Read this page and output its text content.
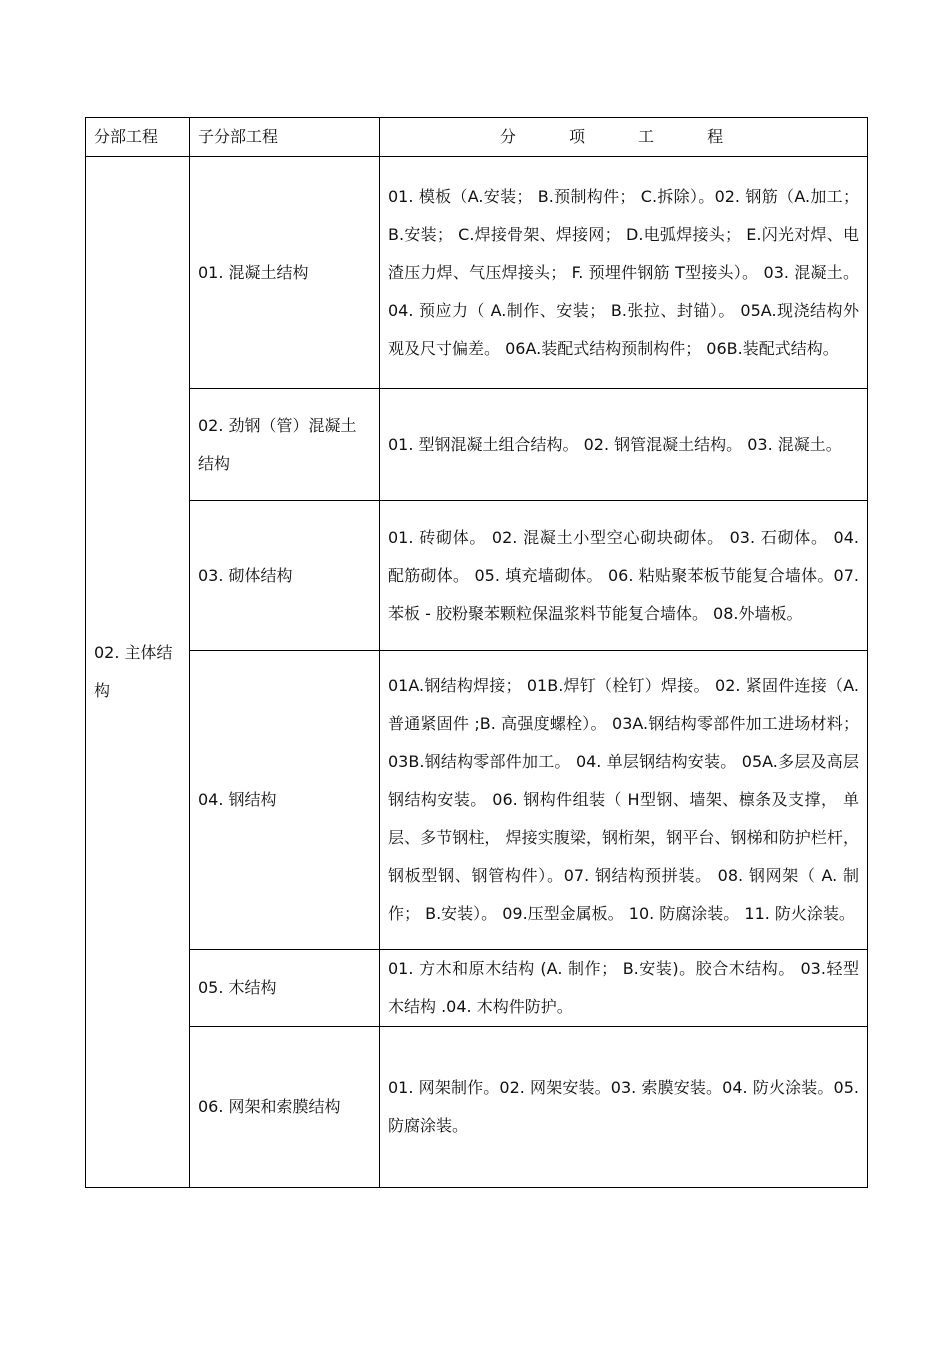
分部工程	子分部工程	分 项 工 程
02. 主体结构	01. 混凝土结构	01. 模板（A.安装； B.预制构件； C.拆除）。02. 钢筋（A.加工； B.安装； C.焊接骨架、焊接网； D.电弧焊接头； E.闪光对焊、电渣压力焊、气压焊接头； F. 预埋件钢筋 T型接头）。 03. 混凝土。 04. 预应力（ A.制作、安装； B.张拉、封锚）。 05A.现浇结构外观及尺寸偏差。 06A.装配式结构预制构件； 06B.装配式结构。
	02. 劲钢（管）混凝土结构	01. 型钢混凝土组合结构。 02. 钢管混凝土结构。 03. 混凝土。
	03. 砌体结构	01. 砖砌体。 02. 混凝土小型空心砌块砌体。 03. 石砌体。 04. 配筋砌体。 05. 填充墙砌体。 06. 粘贴聚苯板节能复合墙体。07. 苯板 - 胶粉聚苯颗粒保温浆料节能复合墙体。 08.外墙板。
	04. 钢结构	01A.钢结构焊接； 01B.焊钉（栓钉）焊接。 02. 紧固件连接（A.普通紧固件 ;B. 高强度螺栓）。 03A.钢结构零部件加工进场材料； 03B.钢结构零部件加工。 04. 单层钢结构安装。 05A.多层及高层钢结构安装。 06. 钢构件组装（ H型钢、墙架、檩条及支撑， 单层、多节钢柱， 焊接实腹梁，钢桁架，钢平台、钢梯和防护栏杆， 钢板型钢、钢管构件）。07. 钢结构预拼装。 08. 钢网架（ A. 制作； B.安装）。 09.压型金属板。 10. 防腐涂装。 11. 防火涂装。
	05. 木结构	01. 方木和原木结构 (A. 制作； B.安装)。胶合木结构。 03.轻型木结构 .04. 木构件防护。
	06. 网架和索膜结构	01. 网架制作。02. 网架安装。03. 索膜安装。04. 防火涂装。05. 防腐涂装。
